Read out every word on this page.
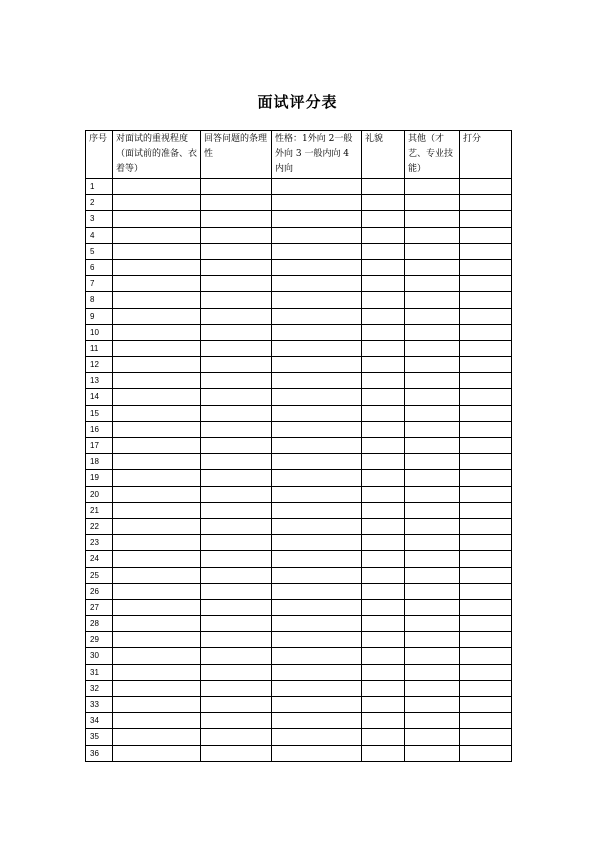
面试评分表
序号	对面试的重视程度（面试前的准备、衣着等）	回答问题的条理性	性格：1外向 2一般外向 3 一般内向 4内向	礼貌	其他（才艺、专业技能）	打分
1						
2						
3						
4						
5						
6						
7						
8						
9						
10						
11						
12						
13						
14						
15						
16						
17						
18						
19						
20						
21						
22						
23						
24						
25						
26						
27						
28						
29						
30						
31						
32						
33						
34						
35						
36						
